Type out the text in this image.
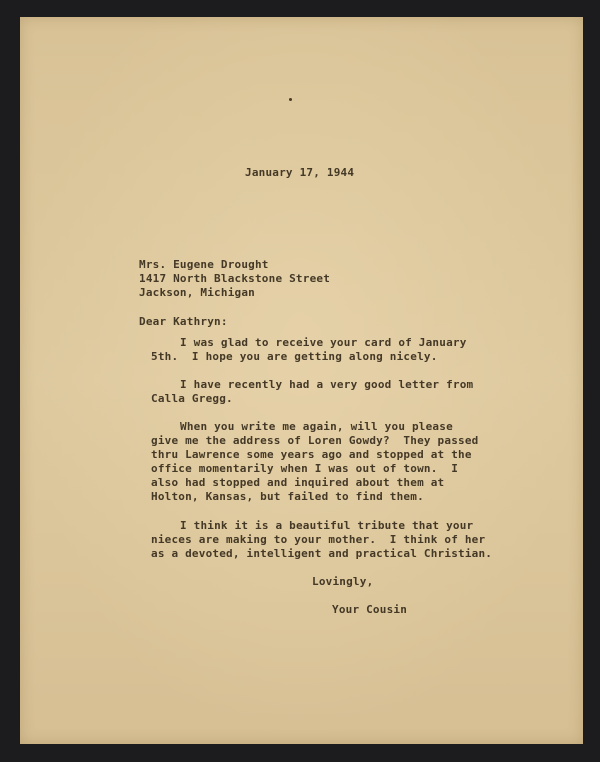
January 17, 1944
Mrs. Eugene Drought
1417 North Blackstone Street
Jackson, Michigan
Dear Kathryn:
I was glad to receive your card of January
5th.  I hope you are getting along nicely.
I have recently had a very good letter from
Calla Gregg.
When you write me again, will you please
give me the address of Loren Gowdy?  They passed
thru Lawrence some years ago and stopped at the
office momentarily when I was out of town.  I
also had stopped and inquired about them at
Holton, Kansas, but failed to find them.
I think it is a beautiful tribute that your
nieces are making to your mother.  I think of her
as a devoted, intelligent and practical Christian.
Lovingly,
Your Cousin
